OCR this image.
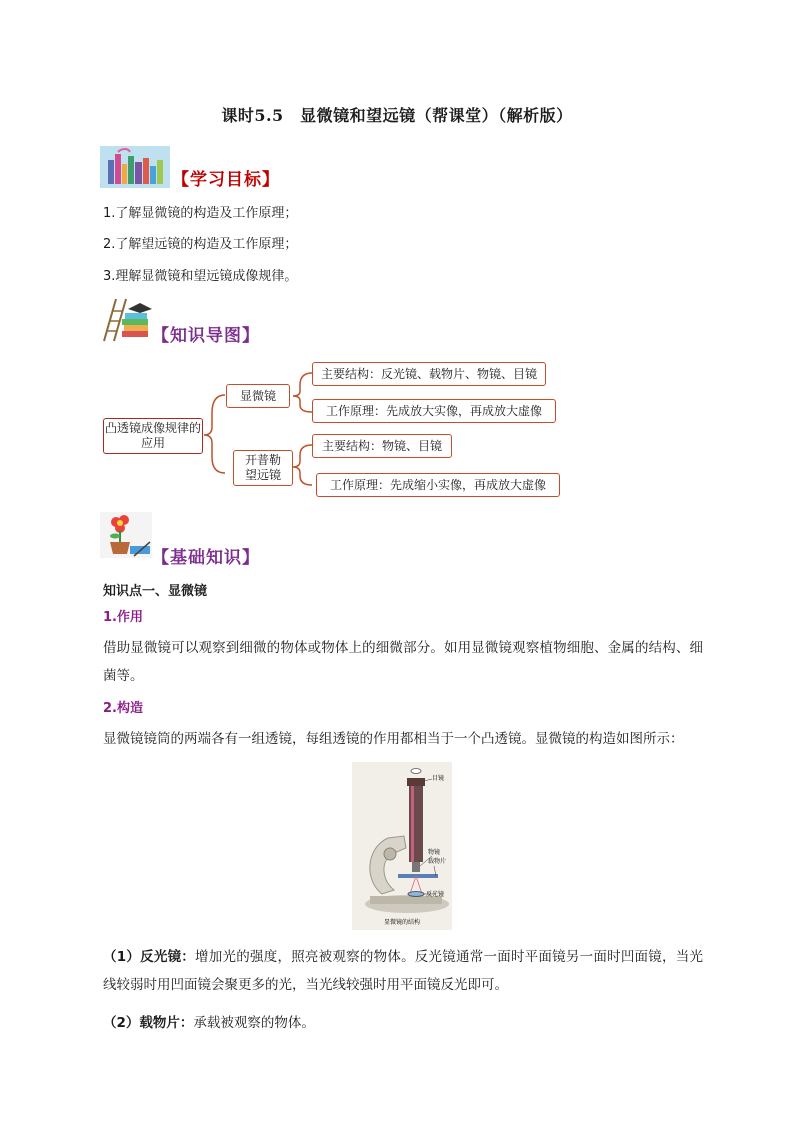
课时5.5　显微镜和望远镜（帮课堂）（解析版）
【学习目标】
1.了解显微镜的构造及工作原理；
2.了解望远镜的构造及工作原理；
3.理解显微镜和望远镜成像规律。
【知识导图】
凸透镜成像规律的应用
显微镜
主要结构：反光镜、载物片、物镜、目镜
工作原理：先成放大实像，再成放大虚像
开普勒望远镜
主要结构：物镜、目镜
工作原理：先成缩小实像，再成放大虚像
【基础知识】
知识点一、显微镜
1.作用
借助显微镜可以观察到细微的物体或物体上的细微部分。如用显微镜观察植物细胞、金属的结构、细菌等。
2.构造
显微镜镜筒的两端各有一组透镜，每组透镜的作用都相当于一个凸透镜。显微镜的构造如图所示：
目镜
物镜
载物片
反光镜
显微镜的结构
（1）反光镜：增加光的强度，照亮被观察的物体。反光镜通常一面时平面镜另一面时凹面镜，当光线较弱时用凹面镜会聚更多的光，当光线较强时用平面镜反光即可。
（2）载物片：承载被观察的物体。
